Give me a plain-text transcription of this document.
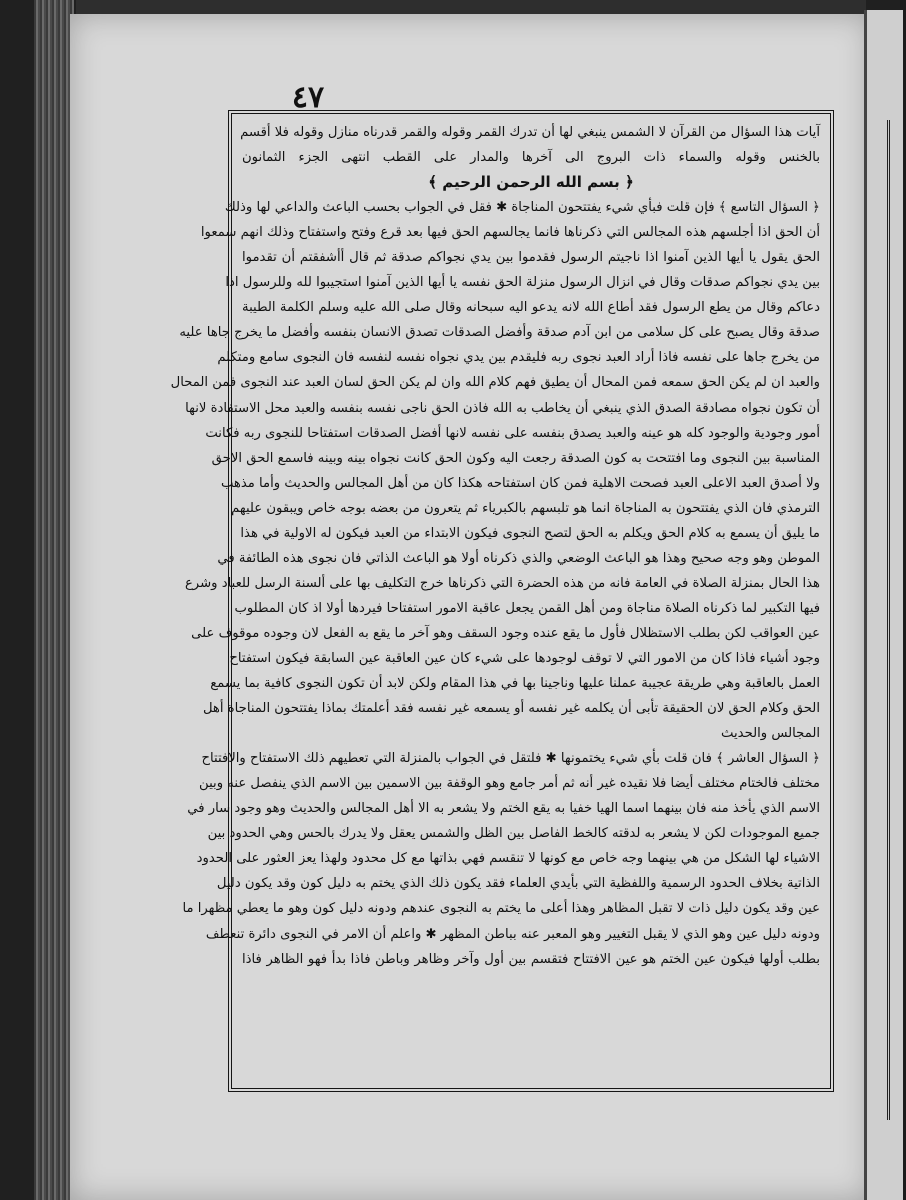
٤٧
آيات هذا السؤال من القرآن لا الشمس ينبغي لها أن تدرك القمر وقوله والقمر قدرناه منازل وقوله فلا أقسم
بالخنس وقوله والسماء ذات البروج الى آخرها والمدار على القطب انتهى الجزء الثمانون
﴿ بسم الله الرحمن الرحيم ﴾
﴿ السؤال التاسع ﴾ فإن قلت فبأي شيء يفتتحون المناجاة ✱ فقل في الجواب بحسب الباعث والداعي لها وذلك
أن الحق اذا أجلسهم هذه المجالس التي ذكرناها فانما يجالسهم الحق فيها بعد قرع وفتح واستفتاح وذلك انهم سمعوا
الحق يقول يا أيها الذين آمنوا اذا ناجيتم الرسول فقدموا بين يدي نجواكم صدقة ثم قال أأشفقتم أن تقدموا
بين يدي نجواكم صدقات وقال في انزال الرسول منزلة الحق نفسه يا أيها الذين آمنوا استجيبوا لله وللرسول اذا
دعاكم وقال من يطع الرسول فقد أطاع الله لانه يدعو اليه سبحانه وقال صلى الله عليه وسلم الكلمة الطيبة
صدقة وقال يصبح على كل سلامى من ابن آدم صدقة وأفضل الصدقات تصدق الانسان بنفسه وأفضل ما يخرج جاها عليه
من يخرج جاها على نفسه فاذا أراد العبد نجوى ربه فليقدم بين يدي نجواه نفسه لنفسه فان النجوى سامع ومتكلم
والعبد ان لم يكن الحق سمعه فمن المحال أن يطيق فهم كلام الله وان لم يكن الحق لسان العبد عند النجوى فمن المحال
أن تكون نجواه مصادقة الصدق الذي ينبغي أن يخاطب به الله فاذن الحق ناجى نفسه بنفسه والعبد محل الاستفادة لانها
أمور وجودية والوجود كله هو عينه والعبد يصدق بنفسه على نفسه لانها أفضل الصدقات استفتاحا للنجوى ربه فكانت
المناسبة بين النجوى وما افتتحت به كون الصدقة رجعت اليه وكون الحق كانت نجواه بينه وبينه فاسمع الحق الاحق
ولا أصدق العبد الاعلى العبد فصحت الاهلية فمن كان استفتاحه هكذا كان من أهل المجالس والحديث وأما مذهب
الترمذي فان الذي يفتتحون به المناجاة انما هو تلبسهم بالكبرياء ثم يتعرون من بعضه بوجه خاص ويبقون عليهم
ما يليق أن يسمع به كلام الحق ويكلم به الحق لتصح النجوى فيكون الابتداء من العبد فيكون له الاولية في هذا
الموطن وهو وجه صحيح وهذا هو الباعث الوضعي والذي ذكرناه أولا هو الباعث الذاتي فان نجوى هذه الطائفة في
هذا الحال بمنزلة الصلاة في العامة فانه من هذه الحضرة التي ذكرناها خرج التكليف بها على ألسنة الرسل للعباد وشرع
فيها التكبير لما ذكرناه الصلاة مناجاة ومن أهل القمن يجعل عاقبة الامور استفتاحا فيردها أولا اذ كان المطلوب
عين العواقب لكن بطلب الاستظلال فأول ما يقع عنده وجود السقف وهو آخر ما يقع به الفعل لان وجوده موقوف على
وجود أشياء فاذا كان من الامور التي لا توقف لوجودها على شيء كان عين العاقبة عين السابقة فيكون استفتاح
العمل بالعاقبة وهي طريقة عجيبة عملنا عليها وناجينا بها في هذا المقام ولكن لابد أن تكون النجوى كافية بما يسمع
الحق وكلام الحق لان الحقيقة تأبى أن يكلمه غير نفسه أو يسمعه غير نفسه فقد أعلمتك بماذا يفتتحون المناجاة أهل
المجالس والحديث
﴿ السؤال العاشر ﴾ فان قلت بأي شيء يختمونها ✱ فلتقل في الجواب بالمنزلة التي تعطيهم ذلك الاستفتاح والافتتاح
مختلف فالختام مختلف أيضا فلا نقيده غير أنه ثم أمر جامع وهو الوقفة بين الاسمين بين الاسم الذي ينفصل عنه وبين
الاسم الذي يأخذ منه فان بينهما اسما الهيا خفيا به يقع الختم ولا يشعر به الا أهل المجالس والحديث وهو وجود سار في
جميع الموجودات لكن لا يشعر به لدقته كالخط الفاصل بين الظل والشمس يعقل ولا يدرك بالحس وهي الحدود بين
الاشياء لها الشكل من هي بينهما وجه خاص مع كونها لا تنقسم فهي بذاتها مع كل محدود ولهذا يعز العثور على الحدود
الذاتية بخلاف الحدود الرسمية واللفظية التي بأيدي العلماء فقد يكون ذلك الذي يختم به دليل كون وقد يكون دليل
عين وقد يكون دليل ذات لا تقبل المظاهر وهذا أعلى ما يختم به النجوى عندهم ودونه دليل كون وهو ما يعطي مظهرا ما
ودونه دليل عين وهو الذي لا يقبل التغيير وهو المعبر عنه بباطن المظهر ✱ واعلم أن الامر في النجوى دائرة تنعطف
بطلب أولها فيكون عين الختم هو عين الافتتاح فتقسم بين أول وآخر وظاهر وباطن فاذا بدأ فهو الظاهر فاذا
